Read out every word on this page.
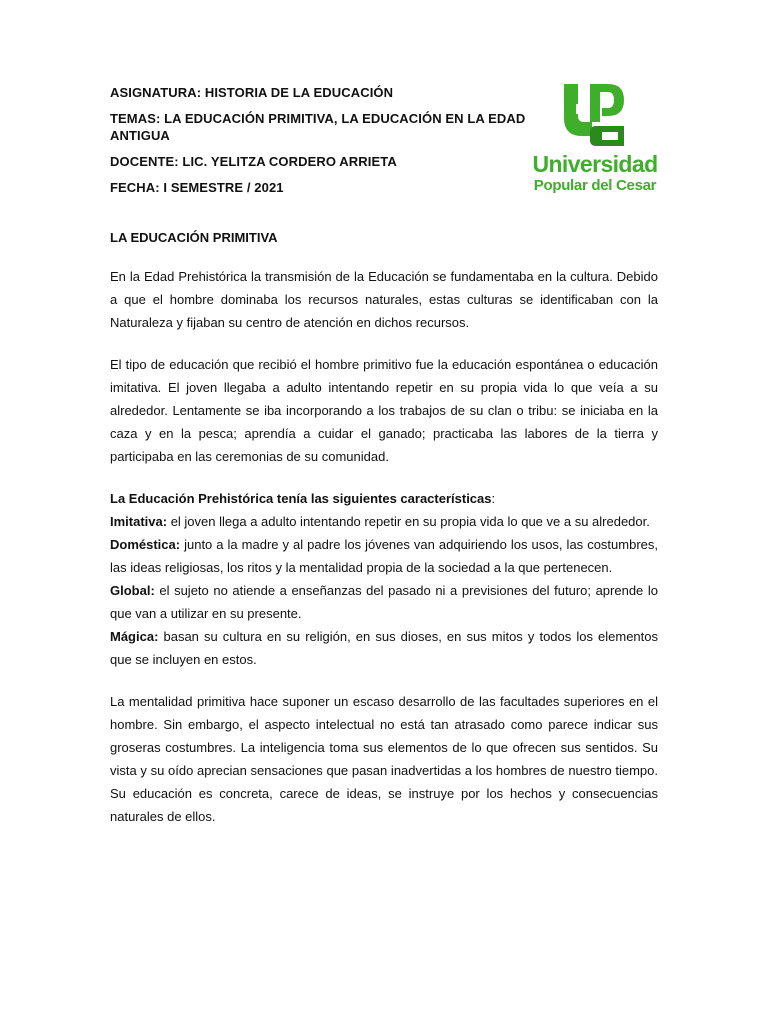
ASIGNATURA: HISTORIA DE LA EDUCACIÓN
TEMAS: LA EDUCACIÓN PRIMITIVA, LA EDUCACIÓN EN LA EDAD ANTIGUA
DOCENTE: LIC. YELITZA CORDERO ARRIETA
FECHA: I SEMESTRE / 2021
Universidad
Popular del Cesar
LA EDUCACIÓN PRIMITIVA

En la Edad Prehistórica la transmisión de la Educación se fundamentaba en la cultura. Debido a que el hombre dominaba los recursos naturales, estas culturas se identificaban con la Naturaleza y fijaban su centro de atención en dichos recursos.

El tipo de educación que recibió el hombre primitivo fue la educación espontánea o educación imitativa. El joven llegaba a adulto intentando repetir en su propia vida lo que veía a su alrededor. Lentamente se iba incorporando a los trabajos de su clan o tribu: se iniciaba en la caza y en la pesca; aprendía a cuidar el ganado; practicaba las labores de la tierra y participaba en las ceremonias de su comunidad.

La Educación Prehistórica tenía las siguientes características:
Imitativa: el joven llega a adulto intentando repetir en su propia vida lo que ve a su alrededor.
Doméstica: junto a la madre y al padre los jóvenes van adquiriendo los usos, las costumbres, las ideas religiosas, los ritos y la mentalidad propia de la sociedad a la que pertenecen.
Global: el sujeto no atiende a enseñanzas del pasado ni a previsiones del futuro; aprende lo que van a utilizar en su presente.
Mágica: basan su cultura en su religión, en sus dioses, en sus mitos y todos los elementos que se incluyen en estos.

La mentalidad primitiva hace suponer un escaso desarrollo de las facultades superiores en el hombre. Sin embargo, el aspecto intelectual no está tan atrasado como parece indicar sus groseras costumbres. La inteligencia toma sus elementos de lo que ofrecen sus sentidos. Su vista y su oído aprecian sensaciones que pasan inadvertidas a los hombres de nuestro tiempo. Su educación es concreta, carece de ideas, se instruye por los hechos y consecuencias naturales de ellos.
